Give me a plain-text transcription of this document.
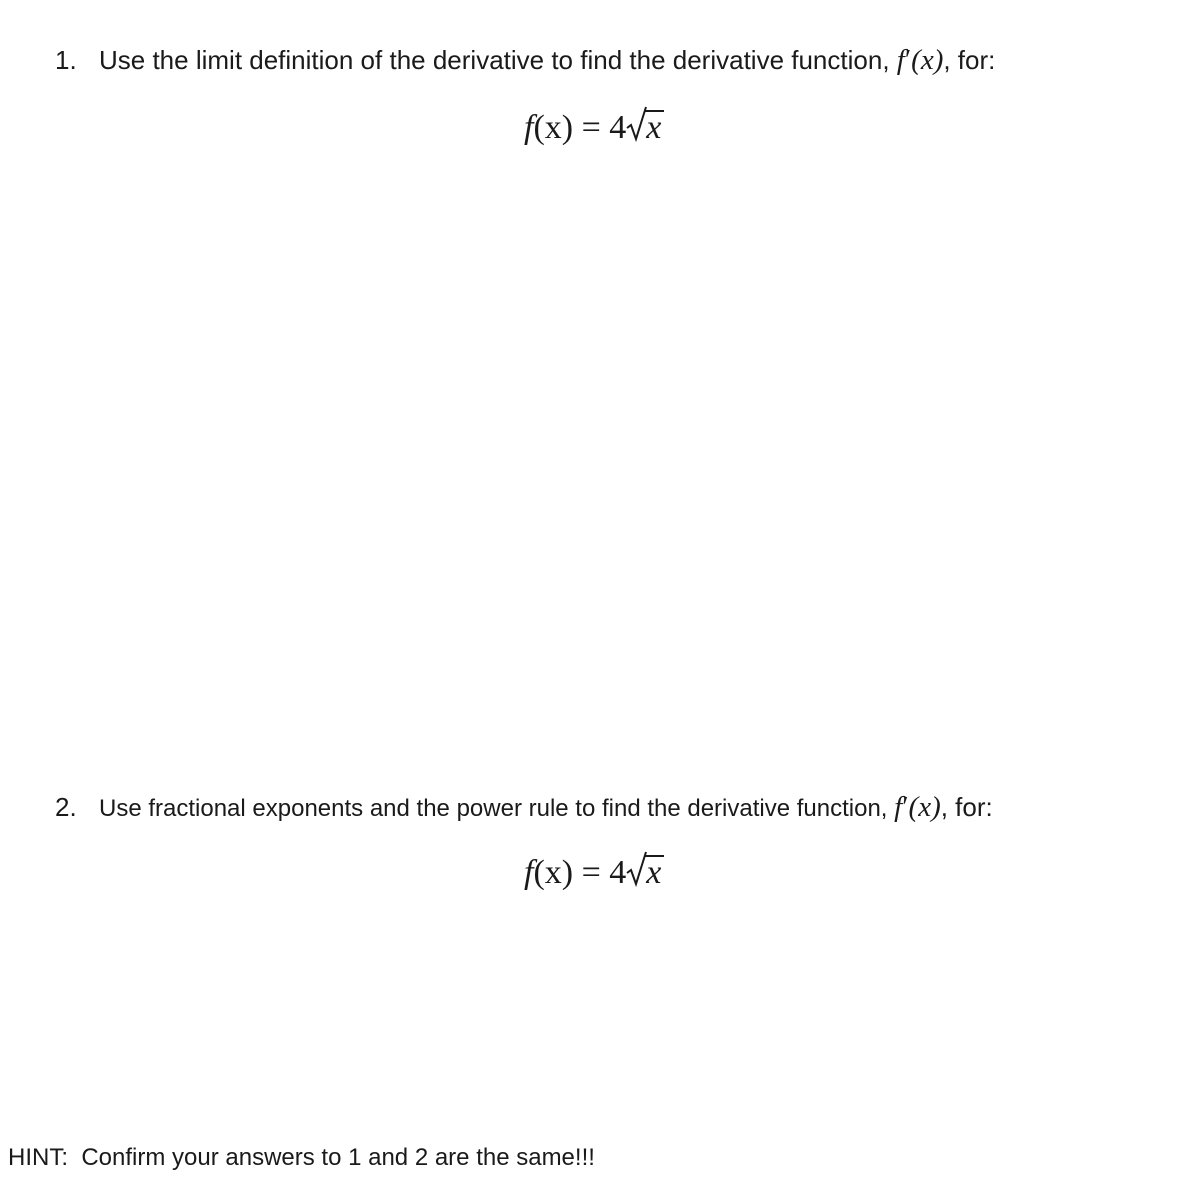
1. Use the limit definition of the derivative to find the derivative function, f′(x), for:
f(x) = 4 x
2. Use fractional exponents and the power rule to find the derivative function, f′(x), for:
f(x) = 4 x
HINT:  Confirm your answers to 1 and 2 are the same!!!
